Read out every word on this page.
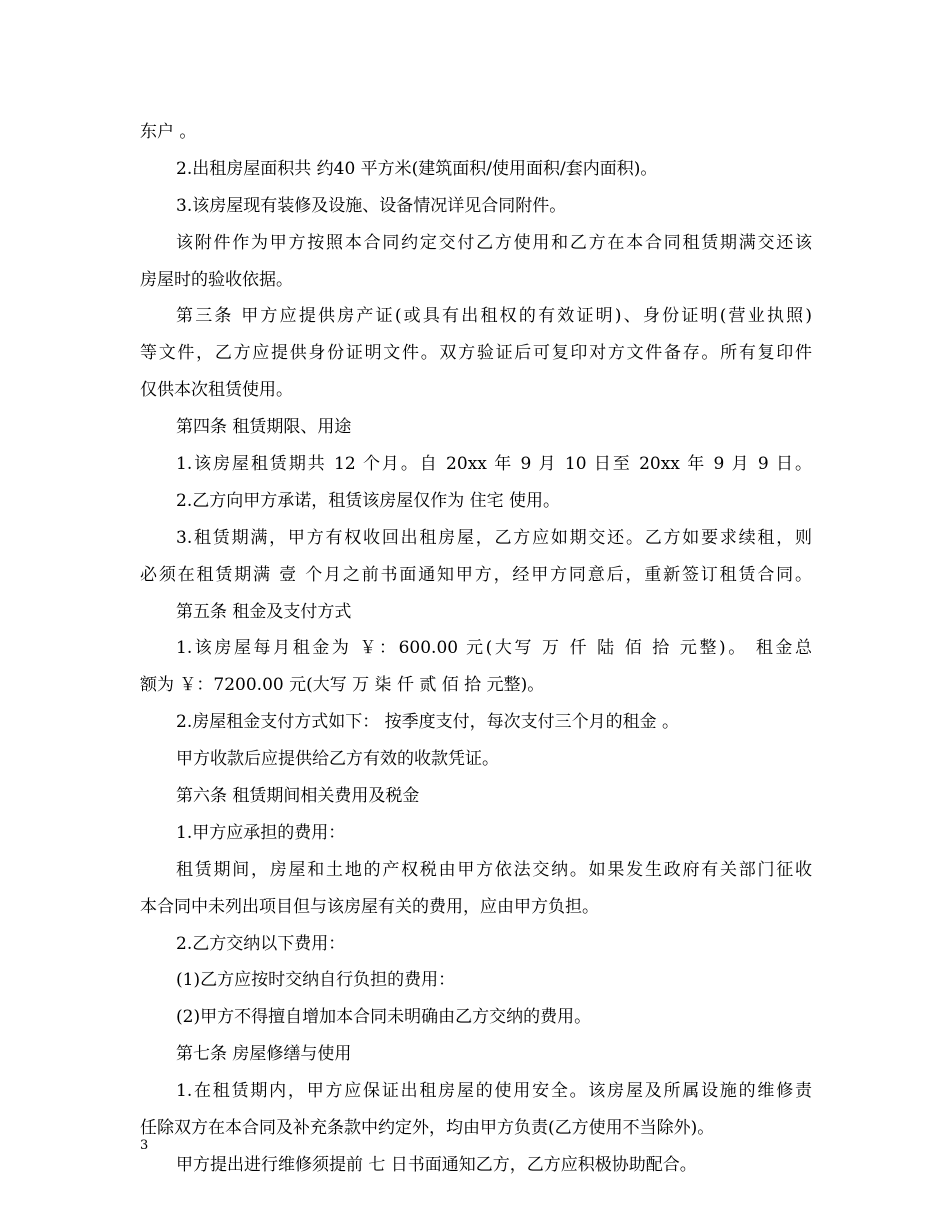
东户 。
2.出租房屋面积共 约40 平方米(建筑面积/使用面积/套内面积)。
3.该房屋现有装修及设施、设备情况详见合同附件。
该附件作为甲方按照本合同约定交付乙方使用和乙方在本合同租赁期满交还该
房屋时的验收依据。
第三条 甲方应提供房产证(或具有出租权的有效证明)、身份证明(营业执照)
等文件，乙方应提供身份证明文件。双方验证后可复印对方文件备存。所有复印件
仅供本次租赁使用。
第四条 租赁期限、用途
1.该房屋租赁期共 12 个月。自 20xx 年 9 月 10 日至 20xx 年 9 月 9 日。
2.乙方向甲方承诺，租赁该房屋仅作为 住宅 使用。
3.租赁期满，甲方有权收回出租房屋，乙方应如期交还。乙方如要求续租，则
必须在租赁期满 壹 个月之前书面通知甲方，经甲方同意后，重新签订租赁合同。
第五条 租金及支付方式
1.该房屋每月租金为 ￥：600.00 元(大写 万 仟 陆 佰 拾 元整)。 租金总
额为 ￥：7200.00 元(大写 万 柒 仟 贰 佰 拾 元整)。
2.房屋租金支付方式如下： 按季度支付，每次支付三个月的租金 。
甲方收款后应提供给乙方有效的收款凭证。
第六条 租赁期间相关费用及税金
1.甲方应承担的费用：
租赁期间，房屋和土地的产权税由甲方依法交纳。如果发生政府有关部门征收
本合同中未列出项目但与该房屋有关的费用，应由甲方负担。
2.乙方交纳以下费用：
(1)乙方应按时交纳自行负担的费用：
(2)甲方不得擅自增加本合同未明确由乙方交纳的费用。
第七条 房屋修缮与使用
1.在租赁期内，甲方应保证出租房屋的使用安全。该房屋及所属设施的维修责
任除双方在本合同及补充条款中约定外，均由甲方负责(乙方使用不当除外)。
甲方提出进行维修须提前 七 日书面通知乙方，乙方应积极协助配合。
3
